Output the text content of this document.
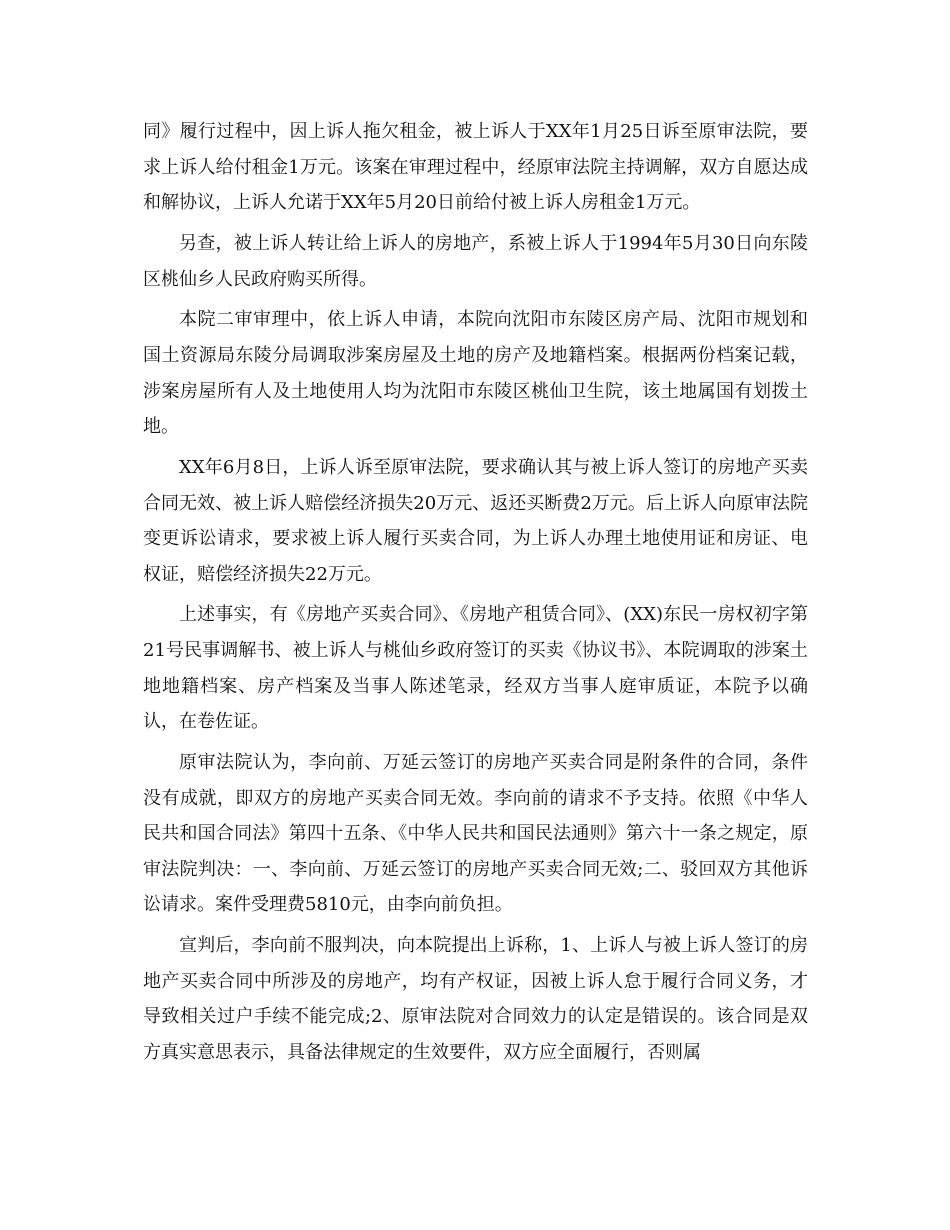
同》履行过程中，因上诉人拖欠租金，被上诉人于XX年1月25日诉至原审法院，要求上诉人给付租金1万元。该案在审理过程中，经原审法院主持调解，双方自愿达成和解协议，上诉人允诺于XX年5月20日前给付被上诉人房租金1万元。

另查，被上诉人转让给上诉人的房地产，系被上诉人于1994年5月30日向东陵区桃仙乡人民政府购买所得。

本院二审审理中，依上诉人申请，本院向沈阳市东陵区房产局、沈阳市规划和国土资源局东陵分局调取涉案房屋及土地的房产及地籍档案。根据两份档案记载，涉案房屋所有人及土地使用人均为沈阳市东陵区桃仙卫生院，该土地属国有划拨土地。

XX年6月8日，上诉人诉至原审法院，要求确认其与被上诉人签订的房地产买卖合同无效、被上诉人赔偿经济损失20万元、返还买断费2万元。后上诉人向原审法院变更诉讼请求，要求被上诉人履行买卖合同，为上诉人办理土地使用证和房证、电权证，赔偿经济损失22万元。

上述事实，有《房地产买卖合同》、《房地产租赁合同》、(XX)东民一房权初字第21号民事调解书、被上诉人与桃仙乡政府签订的买卖《协议书》、本院调取的涉案土地地籍档案、房产档案及当事人陈述笔录，经双方当事人庭审质证，本院予以确认，在卷佐证。

原审法院认为，李向前、万延云签订的房地产买卖合同是附条件的合同，条件没有成就，即双方的房地产买卖合同无效。李向前的请求不予支持。依照《中华人民共和国合同法》第四十五条、《中华人民共和国民法通则》第六十一条之规定，原审法院判决：一、李向前、万延云签订的房地产买卖合同无效;二、驳回双方其他诉讼请求。案件受理费5810元，由李向前负担。

宣判后，李向前不服判决，向本院提出上诉称，1、上诉人与被上诉人签订的房地产买卖合同中所涉及的房地产，均有产权证，因被上诉人怠于履行合同义务，才导致相关过户手续不能完成;2、原审法院对合同效力的认定是错误的。该合同是双方真实意思表示，具备法律规定的生效要件，双方应全面履行，否则属
